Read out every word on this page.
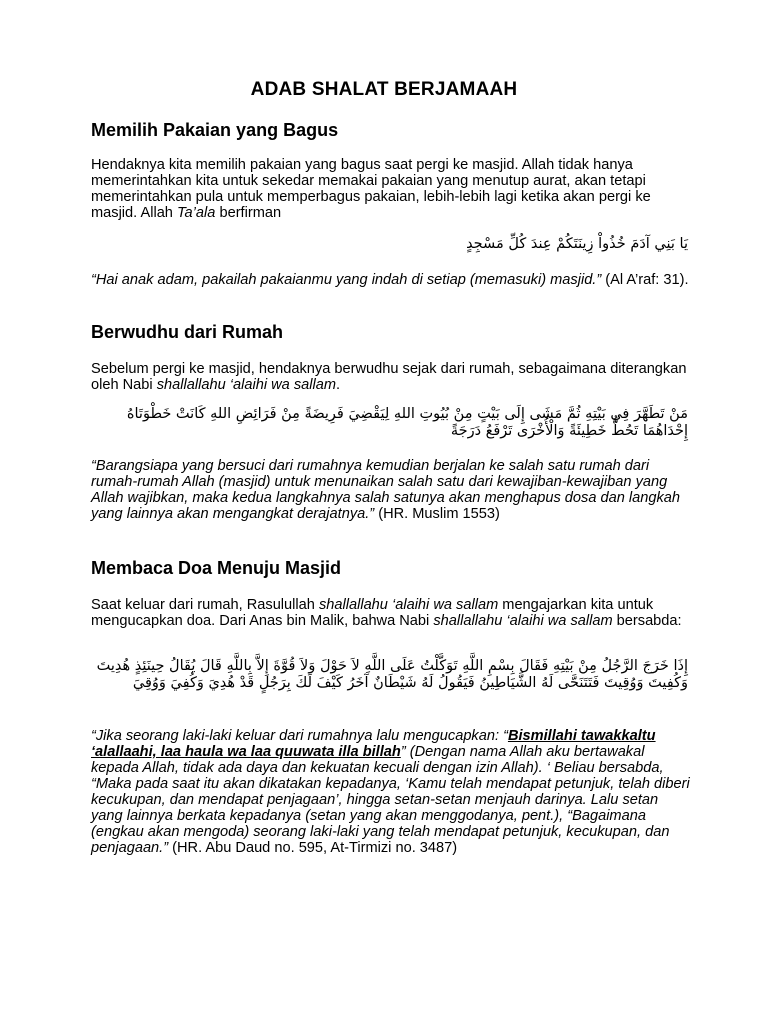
ADAB SHALAT BERJAMAAH
Memilih Pakaian yang Bagus
Hendaknya kita memilih pakaian yang bagus saat pergi ke masjid. Allah tidak hanya memerintahkan kita untuk sekedar memakai pakaian yang menutup aurat, akan tetapi memerintahkan pula untuk memperbagus pakaian, lebih-lebih lagi ketika akan pergi ke masjid. Allah Ta’ala berfirman
يَا بَنِي آدَمَ خُذُواْ زِينَتَكُمْ عِندَ كُلِّ مَسْجِدٍ
“Hai anak adam, pakailah pakaianmu yang indah di setiap (memasuki) masjid.” (Al A’raf: 31).
Berwudhu dari Rumah
Sebelum pergi ke masjid, hendaknya berwudhu sejak dari rumah, sebagaimana diterangkan oleh Nabi shallallahu ‘alaihi wa sallam.
مَنْ تَطَهَّرَ فِي بَيْتِهِ ثُمَّ مَشَى إِلَى بَيْتٍ مِنْ بُيُوتِ اللهِ لِيَقْضِيَ فَرِيضَةً مِنْ فَرَائِضِ اللهِ كَانَتْ خَطْوَتَاهُ إِحْدَاهُمَا تَحُطُّ خَطِيئَةً وَالْأُخْرَى تَرْفَعُ دَرَجَةً
“Barangsiapa yang bersuci dari rumahnya kemudian berjalan ke salah satu rumah dari rumah-rumah Allah (masjid) untuk menunaikan salah satu dari kewajiban-kewajiban yang Allah wajibkan, maka kedua langkahnya salah satunya akan menghapus dosa dan langkah yang lainnya akan mengangkat derajatnya.” (HR. Muslim 1553)
Membaca Doa Menuju Masjid
Saat keluar dari rumah, Rasulullah shallallahu ‘alaihi wa sallam mengajarkan kita untuk mengucapkan doa. Dari Anas bin Malik, bahwa Nabi shallallahu ‘alaihi wa sallam bersabda:
إِذَا خَرَجَ الرَّجُلُ مِنْ بَيْتِهِ فَقَالَ بِسْمِ اللَّهِ تَوَكَّلْتُ عَلَى اللَّهِ لاَ حَوْلَ وَلاَ قُوَّةَ إِلاَّ بِاللَّهِ قَالَ يُقَالُ حِينَئِذٍ هُدِيتَ وَكُفِيتَ وَوُقِيتَ فَتَتَنَحَّى لَهُ الشَّيَاطِينُ فَيَقُولُ لَهُ شَيْطَانٌ آخَرُ كَيْفَ لَكَ بِرَجُلٍ قَدْ هُدِيَ وَكُفِيَ وَوُقِيَ
“Jika seorang laki-laki keluar dari rumahnya lalu mengucapkan: “Bismillahi tawakkaltu ‘alallaahi, laa haula wa laa quuwata illa billah” (Dengan nama Allah aku bertawakal kepada Allah, tidak ada daya dan kekuatan kecuali dengan izin Allah). ‘ Beliau bersabda, “Maka pada saat itu akan dikatakan kepadanya, ‘Kamu telah mendapat petunjuk, telah diberi kecukupan, dan mendapat penjagaan’, hingga setan-setan menjauh darinya. Lalu setan yang lainnya berkata kepadanya (setan yang akan menggodanya, pent.), “Bagaimana (engkau akan mengoda) seorang laki-laki yang telah mendapat petunjuk, kecukupan, dan penjagaan.” (HR. Abu Daud no. 595, At-Tirmizi no. 3487)
